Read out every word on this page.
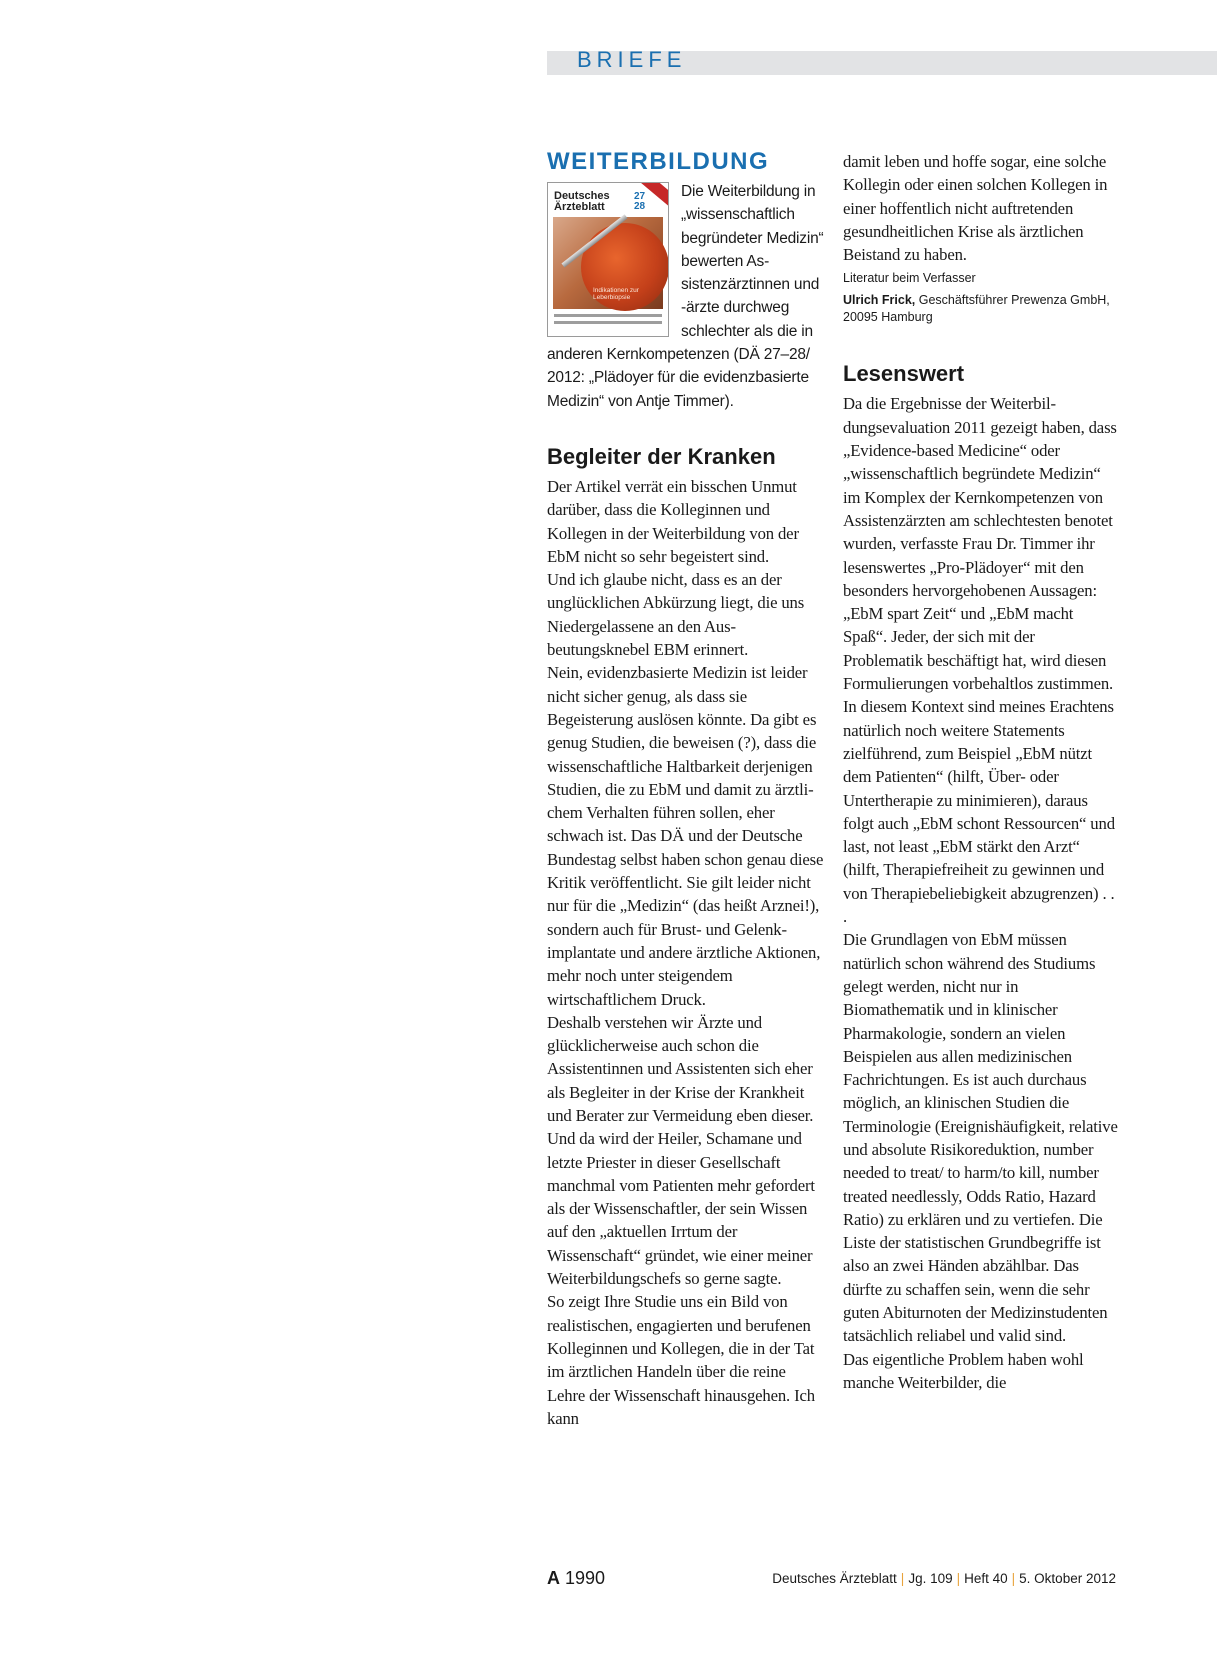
BRIEFE
WEITERBILDUNG
Deutsches
Ärzteblatt
27
28
Indikationen zur Leberbiopsie

Die Weiterbildung in „wissenschaftlich begründeter Medizin“ bewerten Assistenzärztinnen und -ärzte durchweg schlechter als die in anderen Kernkompetenzen (DÄ 27–28/ 2012: „Plädoyer für die evidenzbasierte Medizin“ von Antje Timmer).

Begleiter der Kranken

Der Artikel verrät ein bisschen Unmut darüber, dass die Kolleginnen und Kollegen in der Weiterbildung von der EbM nicht so sehr begeistert sind.

Und ich glaube nicht, dass es an der unglücklichen Abkürzung liegt, die uns Niedergelassene an den Ausbeutungsknebel EBM erinnert.

Nein, evidenzbasierte Medizin ist leider nicht sicher genug, als dass sie Begeisterung auslösen könnte. Da gibt es genug Studien, die beweisen (?), dass die wissenschaftliche Haltbarkeit derjenigen Studien, die zu EbM und damit zu ärztlichem Verhalten führen sollen, eher schwach ist. Das DÄ und der Deutsche Bundestag selbst haben schon genau diese Kritik veröffentlicht. Sie gilt leider nicht nur für die „Medizin“ (das heißt Arznei!), sondern auch für Brust- und Gelenkimplantate und andere ärztliche Aktionen, mehr noch unter steigendem wirtschaftlichem Druck.

Deshalb verstehen wir Ärzte und glücklicherweise auch schon die Assistentinnen und Assistenten sich eher als Begleiter in der Krise der Krankheit und Berater zur Vermeidung eben dieser. Und da wird der Heiler, Schamane und letzte Priester in dieser Gesellschaft manchmal vom Patienten mehr gefordert als der Wissenschaftler, der sein Wissen auf den „aktuellen Irrtum der Wissenschaft“ gründet, wie einer meiner Weiterbildungschefs so gerne sagte.

So zeigt Ihre Studie uns ein Bild von realistischen, engagierten und berufenen Kolleginnen und Kollegen, die in der Tat im ärztlichen Handeln über die reine Lehre der Wissenschaft hinausgehen. Ich kann

damit leben und hoffe sogar, eine solche Kollegin oder einen solchen Kollegen in einer hoffentlich nicht auftretenden gesundheitlichen Krise als ärztlichen Beistand zu haben.

Literatur beim Verfasser

Ulrich Frick, Geschäftsführer Prewenza GmbH, 20095 Hamburg

Lesenswert

Da die Ergebnisse der Weiterbildungsevaluation 2011 gezeigt haben, dass „Evidence-based Medicine“ oder „wissenschaftlich begründete Medizin“ im Komplex der Kernkompetenzen von Assistenzärzten am schlechtesten benotet wurden, verfasste Frau Dr. Timmer ihr lesenswertes „Pro-Plädoyer“ mit den besonders hervorgehobenen Aussagen: „EbM spart Zeit“ und „EbM macht Spaß“. Jeder, der sich mit der Problematik beschäftigt hat, wird diesen Formulierungen vorbehaltlos zustimmen.

In diesem Kontext sind meines Erachtens natürlich noch weitere Statements zielführend, zum Beispiel „EbM nützt dem Patienten“ (hilft, Über- oder Untertherapie zu minimieren), daraus folgt auch „EbM schont Ressourcen“ und last, not least „EbM stärkt den Arzt“ (hilft, Therapiefreiheit zu gewinnen und von Therapiebeliebigkeit abzugrenzen) . . .

Die Grundlagen von EbM müssen natürlich schon während des Studiums gelegt werden, nicht nur in Biomathematik und in klinischer Pharmakologie, sondern an vielen Beispielen aus allen medizinischen Fachrichtungen. Es ist auch durchaus möglich, an klinischen Studien die Terminologie (Ereignishäufigkeit, relative und absolute Risikoreduktion, number needed to treat/ to harm/to kill, number treated needlessly, Odds Ratio, Hazard Ratio) zu erklären und zu vertiefen. Die Liste der statistischen Grundbegriffe ist also an zwei Händen abzählbar. Das dürfte zu schaffen sein, wenn die sehr guten Abiturnoten der Medizinstudenten tatsächlich reliabel und valid sind.

Das eigentliche Problem haben wohl manche Weiterbilder, die

A 1990	Deutsches Ärzteblatt | Jg. 109 | Heft 40 | 5. Oktober 2012
